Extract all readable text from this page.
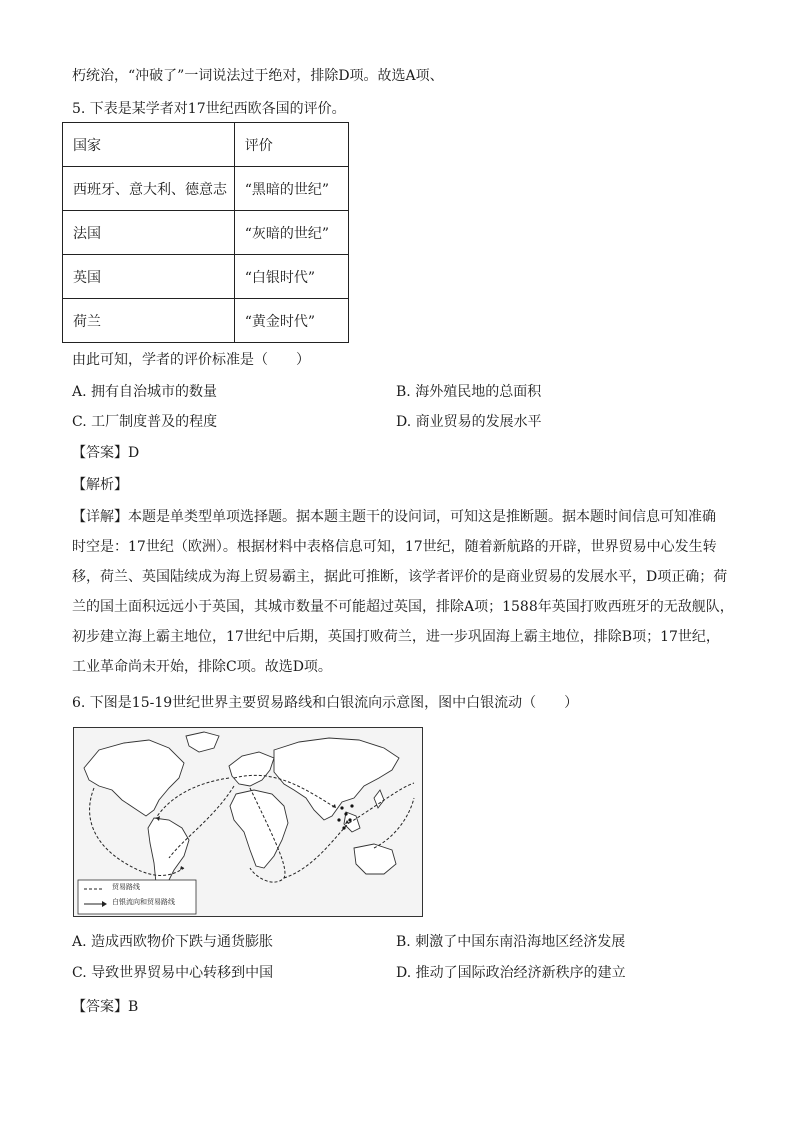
朽统治，“冲破了”一词说法过于绝对，排除D项。故选A项、
5. 下表是某学者对17世纪西欧各国的评价。
国家	评价
西班牙、意大利、德意志	“黑暗的世纪”
法国	“灰暗的世纪”
英国	“白银时代”
荷兰	“黄金时代”
由此可知，学者的评价标准是（　　）
A. 拥有自治城市的数量	B. 海外殖民地的总面积
C. 工厂制度普及的程度	D. 商业贸易的发展水平
【答案】D
【解析】
【详解】本题是单类型单项选择题。据本题主题干的设问词，可知这是推断题。据本题时间信息可知准确
时空是：17世纪（欧洲）。根据材料中表格信息可知，17世纪，随着新航路的开辟，世界贸易中心发生转
移，荷兰、英国陆续成为海上贸易霸主，据此可推断，该学者评价的是商业贸易的发展水平，D项正确；荷
兰的国土面积远远小于英国，其城市数量不可能超过英国，排除A项；1588年英国打败西班牙的无敌舰队，
初步建立海上霸主地位，17世纪中后期，英国打败荷兰，进一步巩固海上霸主地位，排除B项；17世纪，
工业革命尚未开始，排除C项。故选D项。
6. 下图是15-19世纪世界主要贸易路线和白银流向示意图，图中白银流动（　　）
贸易路线
白银流向和贸易路线
A. 造成西欧物价下跌与通货膨胀	B. 刺激了中国东南沿海地区经济发展
C. 导致世界贸易中心转移到中国	D. 推动了国际政治经济新秩序的建立
【答案】B
